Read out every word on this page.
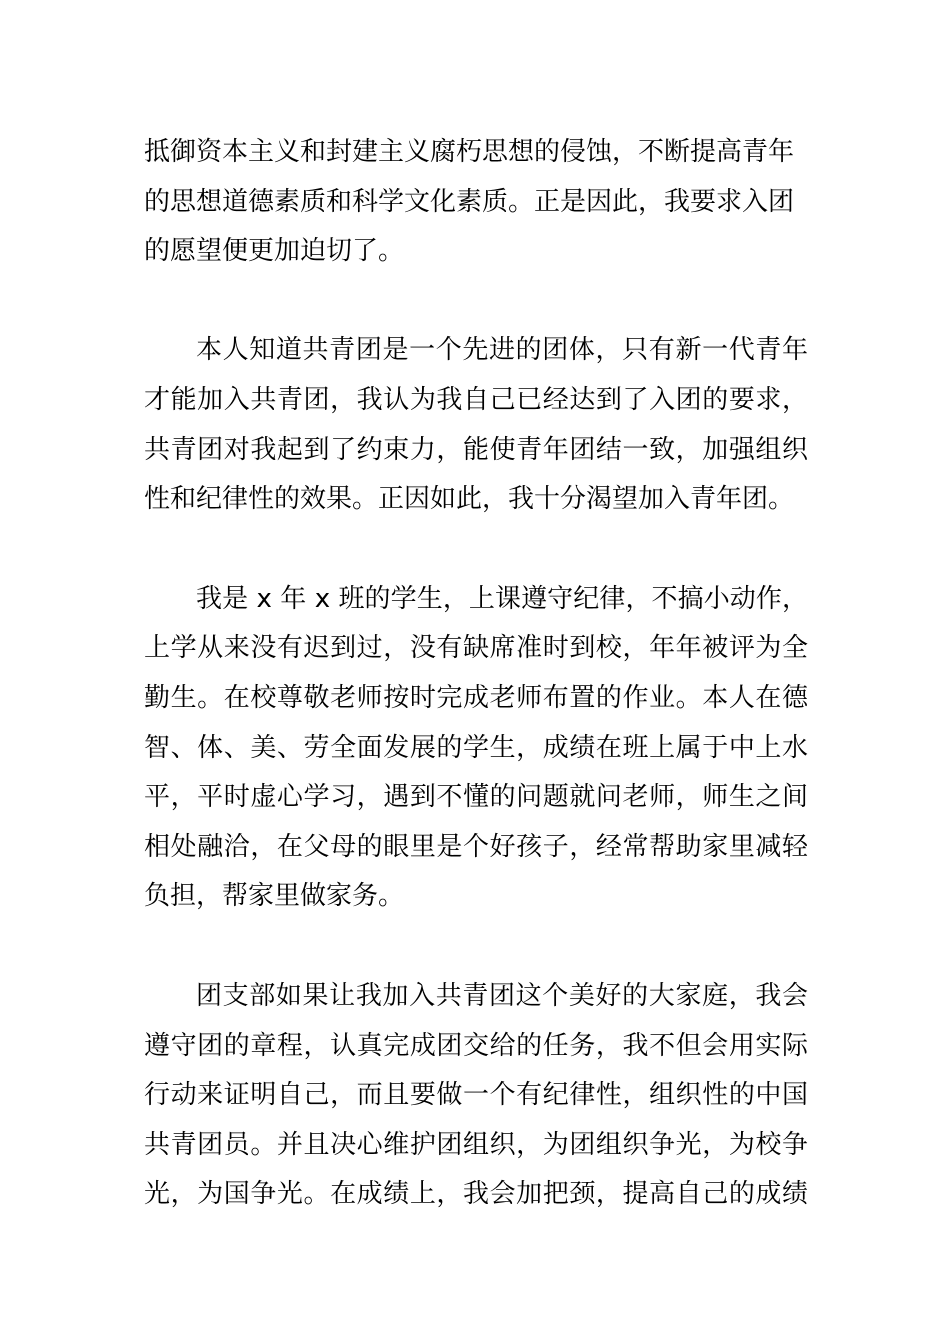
抵御资本主义和封建主义腐朽思想的侵蚀，不断提高青年
的思想道德素质和科学文化素质。正是因此，我要求入团
的愿望便更加迫切了。
本人知道共青团是一个先进的团体，只有新一代青年
才能加入共青团，我认为我自己已经达到了入团的要求，
共青团对我起到了约束力，能使青年团结一致，加强组织
性和纪律性的效果。正因如此，我十分渴望加入青年团。
我是 x 年 x 班的学生，上课遵守纪律，不搞小动作，
上学从来没有迟到过，没有缺席准时到校，年年被评为全
勤生。在校尊敬老师按时完成老师布置的作业。本人在德
智、体、美、劳全面发展的学生，成绩在班上属于中上水
平，平时虚心学习，遇到不懂的问题就问老师，师生之间
相处融洽，在父母的眼里是个好孩子，经常帮助家里减轻
负担，帮家里做家务。
团支部如果让我加入共青团这个美好的大家庭，我会
遵守团的章程，认真完成团交给的任务，我不但会用实际
行动来证明自己，而且要做一个有纪律性，组织性的中国
共青团员。并且决心维护团组织，为团组织争光，为校争
光，为国争光。在成绩上，我会加把颈，提高自己的成绩
